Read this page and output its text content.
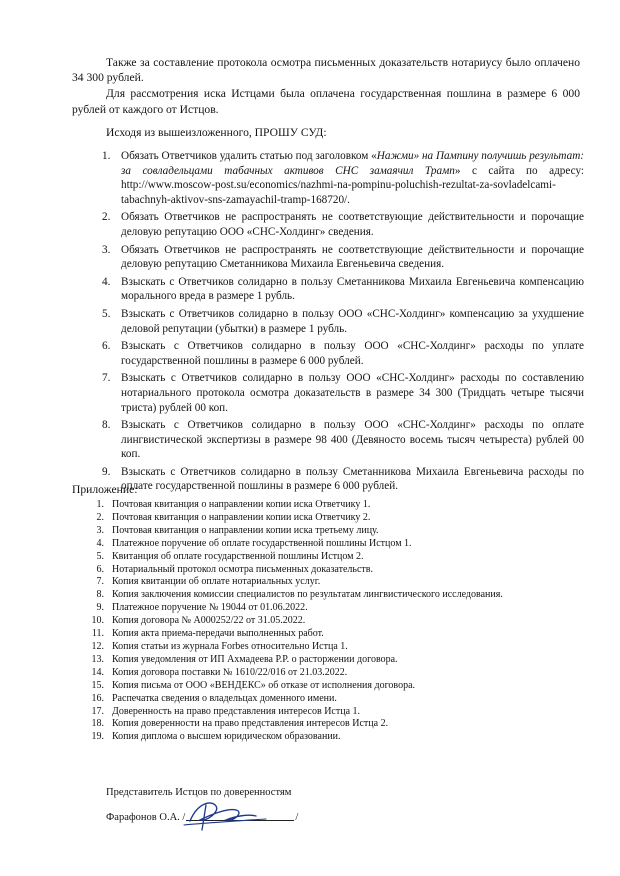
Также за составление протокола осмотра письменных доказательств нотариусу было оплачено 34 300 рублей.

Для рассмотрения иска Истцами была оплачена государственная пошлина в размере 6 000 рублей от каждого от Истцов.

Исходя из вышеизложенного, ПРОШУ СУД:
1. Обязать Ответчиков удалить статью под заголовком «Нажми» на Пампину получишь результат: за совладельцами табачных активов СНС замаячил Трамп» с сайта по адресу: http://www.moscow-post.su/economics/nazhmi-na-pompinu-poluchish-rezultat-za-sovladelcami-tabachnyh-aktivov-sns-zamayachil-tramp-168720/.
2. Обязать Ответчиков не распространять не соответствующие действительности и порочащие деловую репутацию ООО «СНС-Холдинг» сведения.
3. Обязать Ответчиков не распространять не соответствующие действительности и порочащие деловую репутацию Сметанникова Михаила Евгеньевича сведения.
4. Взыскать с Ответчиков солидарно в пользу Сметанникова Михаила Евгеньевича компенсацию морального вреда в размере 1 рубль.
5. Взыскать с Ответчиков солидарно в пользу ООО «СНС-Холдинг» компенсацию за ухудшение деловой репутации (убытки) в размере 1 рубль.
6. Взыскать с Ответчиков солидарно в пользу ООО «СНС-Холдинг» расходы по уплате государственной пошлины в размере 6 000 рублей.
7. Взыскать с Ответчиков солидарно в пользу ООО «СНС-Холдинг» расходы по составлению нотариального протокола осмотра доказательств в размере 34 300 (Тридцать четыре тысячи триста) рублей 00 коп.
8. Взыскать с Ответчиков солидарно в пользу ООО «СНС-Холдинг» расходы по оплате лингвистической экспертизы в размере 98 400 (Девяносто восемь тысяч четыреста) рублей 00 коп.
9. Взыскать с Ответчиков солидарно в пользу Сметанникова Михаила Евгеньевича расходы по оплате государственной пошлины в размере 6 000 рублей.
Приложение:
1. Почтовая квитанция о направлении копии иска Ответчику 1.
2. Почтовая квитанция о направлении копии иска Ответчику 2.
3. Почтовая квитанция о направлении копии иска третьему лицу.
4. Платежное поручение об оплате государственной пошлины Истцом 1.
5. Квитанция об оплате государственной пошлины Истцом 2.
6. Нотариальный протокол осмотра письменных доказательств.
7. Копия квитанции об оплате нотариальных услуг.
8. Копия заключения комиссии специалистов по результатам лингвистического исследования.
9. Платежное поручение № 19044 от 01.06.2022.
10. Копия договора № А000252/22 от 31.05.2022.
11. Копия акта приема-передачи выполненных работ.
12. Копия статьи из журнала Forbes относительно Истца 1.
13. Копия уведомления от ИП Ахмадеева Р.Р. о расторжении договора.
14. Копия договора поставки № 1610/22/016 от 21.03.2022.
15. Копия письма от ООО «ВЕНДЕКС» об отказе от исполнения договора.
16. Распечатка сведения о владельцах доменного имени.
17. Доверенность на право представления интересов Истца 1.
18. Копия доверенности на право представления интересов Истца 2.
19. Копия диплома о высшем юридическом образовании.
Представитель Истцов по доверенностям
Фарафонов О.А. /	/
